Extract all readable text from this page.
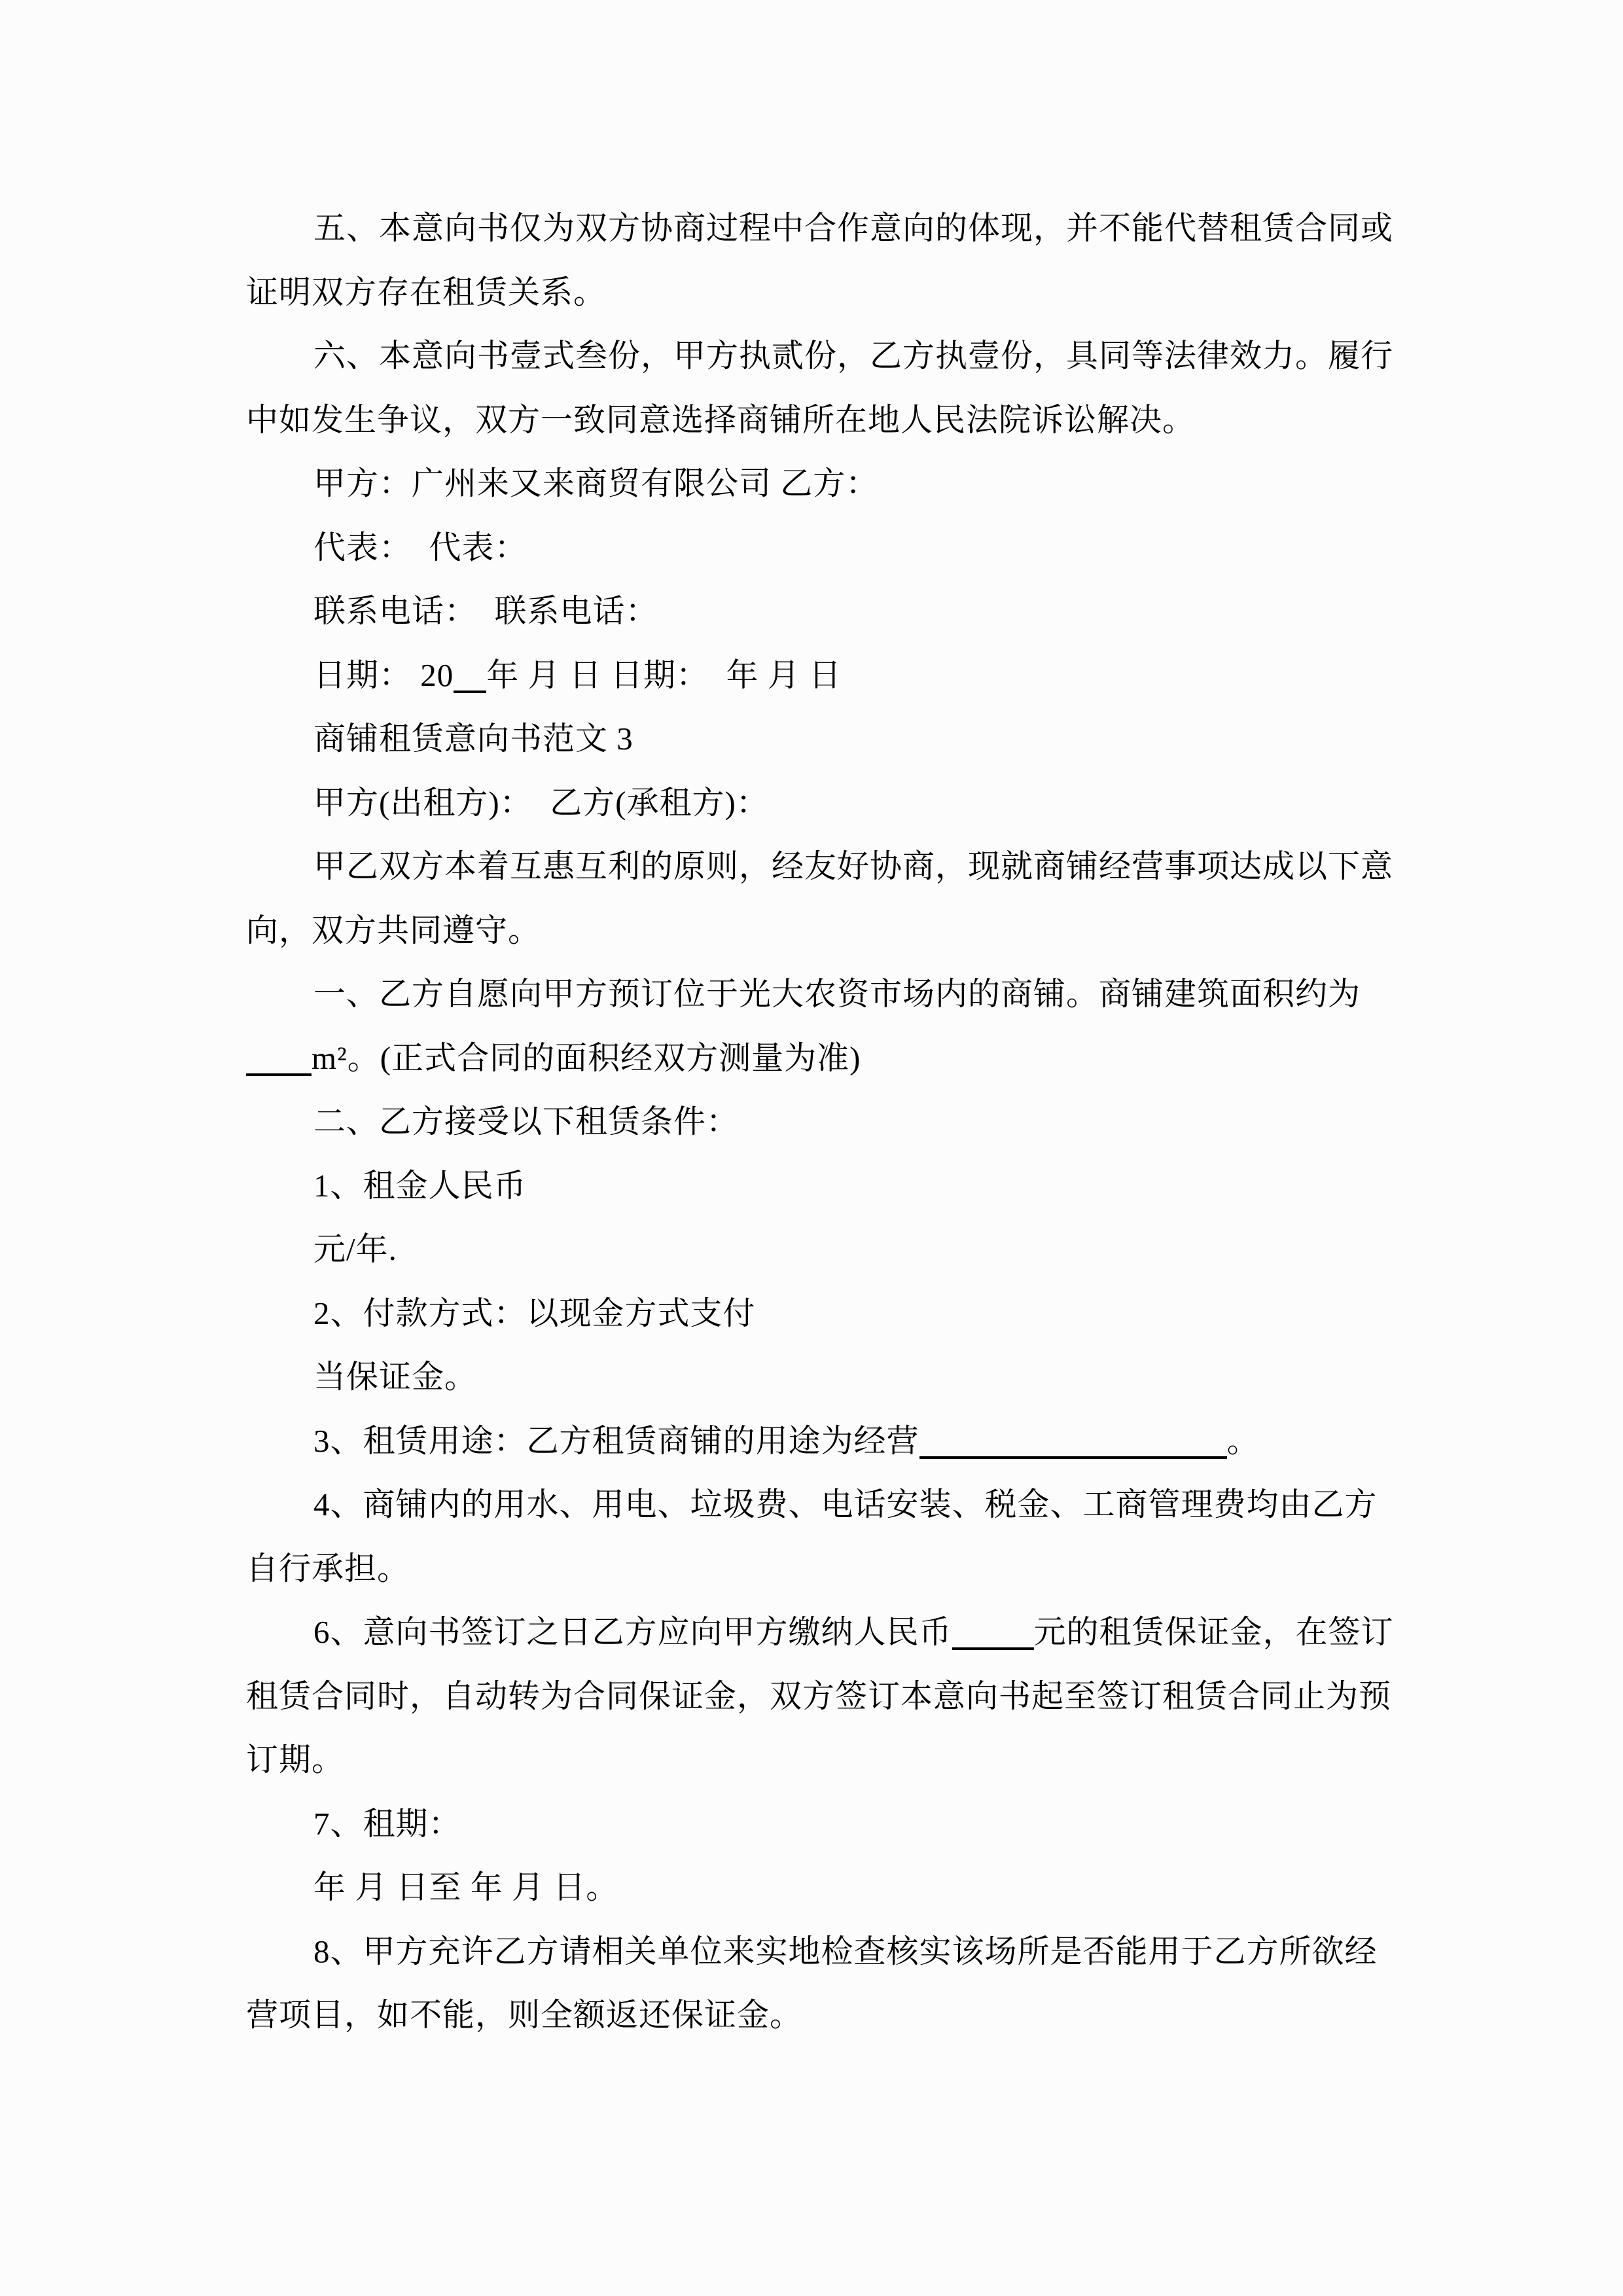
五、本意向书仅为双方协商过程中合作意向的体现，并不能代替租赁合同或
证明双方存在租赁关系。
六、本意向书壹式叁份，甲方执贰份，乙方执壹份，具同等法律效力。履行
中如发生争议，双方一致同意选择商铺所在地人民法院诉讼解决。
甲方：广州来又来商贸有限公司 乙方：
代表：  代表：
联系电话：  联系电话：
日期： 20 年 月 日 日期：  年 月 日
商铺租赁意向书范文 3
甲方(出租方)：  乙方(承租方)：
甲乙双方本着互惠互利的原则，经友好协商，现就商铺经营事项达成以下意
向，双方共同遵守。
一、乙方自愿向甲方预订位于光大农资市场内的商铺。商铺建筑面积约为
m²。(正式合同的面积经双方测量为准)
二、乙方接受以下租赁条件：
1、租金人民币
元/年.
2、付款方式：以现金方式支付
当保证金。
3、租赁用途：乙方租赁商铺的用途为经营	。
4、商铺内的用水、用电、垃圾费、电话安装、税金、工商管理费均由乙方
自行承担。
6、意向书签订之日乙方应向甲方缴纳人民币	元的租赁保证金，在签订
租赁合同时，自动转为合同保证金，双方签订本意向书起至签订租赁合同止为预
订期。
7、租期：
年 月 日至 年 月 日。
8、甲方充许乙方请相关单位来实地检查核实该场所是否能用于乙方所欲经
营项目，如不能，则全额返还保证金。
